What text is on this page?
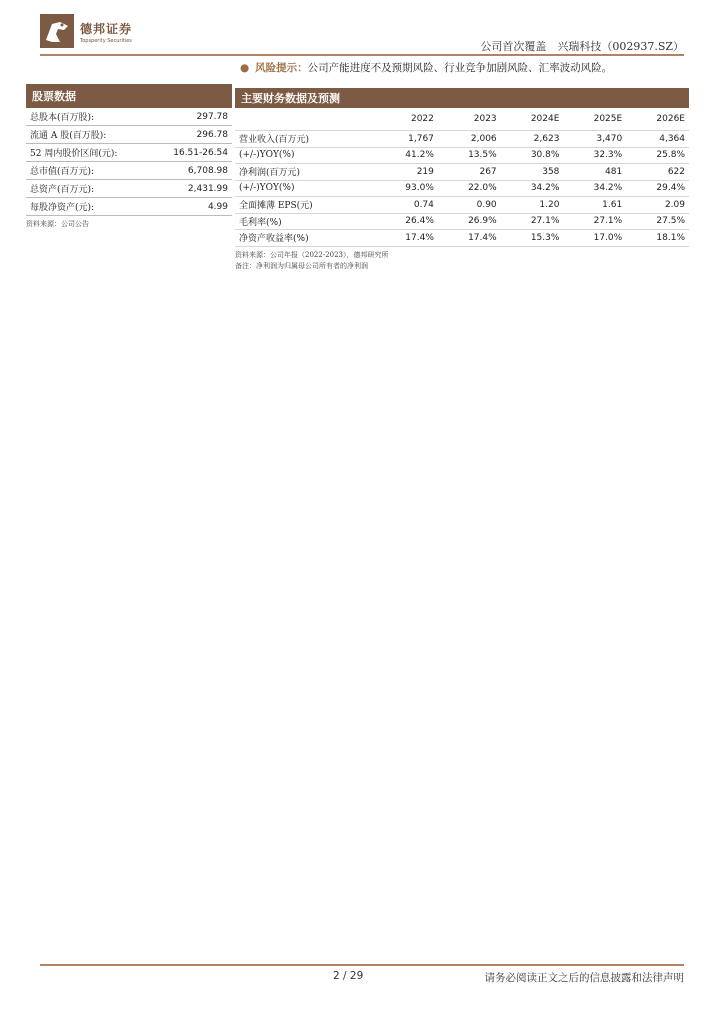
德邦证券
Topsperity Securities	公司首次覆盖　兴瑞科技（002937.SZ）
● 风险提示：公司产能进度不及预期风险、行业竞争加剧风险、汇率波动风险。
股票数据
总股本(百万股):	297.78
流通 A 股(百万股):	296.78
52 周内股价区间(元):	16.51-26.54
总市值(百万元):	6,708.98
总资产(百万元):	2,431.99
每股净资产(元):	4.99
资料来源：公司公告
主要财务数据及预测
	2022	2023	2024E	2025E	2026E
营业收入(百万元)	1,767	2,006	2,623	3,470	4,364
(+/-)YOY(%)	41.2%	13.5%	30.8%	32.3%	25.8%
净利润(百万元)	219	267	358	481	622
(+/-)YOY(%)	93.0%	22.0%	34.2%	34.2%	29.4%
全面摊薄 EPS(元)	0.74	0.90	1.20	1.61	2.09
毛利率(%)	26.4%	26.9%	27.1%	27.1%	27.5%
净资产收益率(%)	17.4%	17.4%	15.3%	17.0%	18.1%
资料来源：公司年报（2022-2023），德邦研究所
备注：净利润为归属母公司所有者的净利润
2 / 29	请务必阅读正文之后的信息披露和法律声明
